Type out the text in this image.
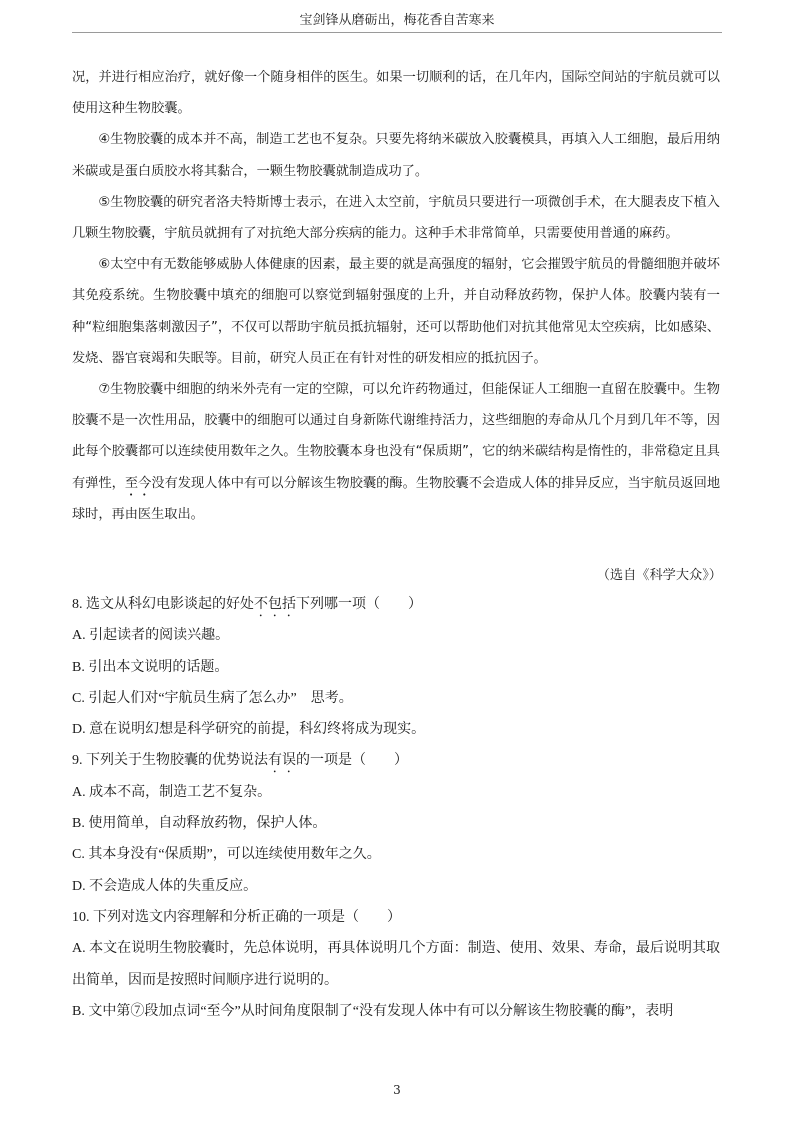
宝剑锋从磨砺出，梅花香自苦寒来

况，并进行相应治疗，就好像一个随身相伴的医生。如果一切顺利的话，在几年内，国际空间站的宇航员就可以使用这种生物胶囊。

④生物胶囊的成本并不高，制造工艺也不复杂。只要先将纳米碳放入胶囊模具，再填入人工细胞，最后用纳米碳或是蛋白质胶水将其黏合，一颗生物胶囊就制造成功了。

⑤生物胶囊的研究者洛夫特斯博士表示，在进入太空前，宇航员只要进行一项微创手术，在大腿表皮下植入几颗生物胶囊，宇航员就拥有了对抗绝大部分疾病的能力。这种手术非常简单，只需要使用普通的麻药。

⑥太空中有无数能够威胁人体健康的因素，最主要的就是高强度的辐射，它会摧毁宇航员的骨髓细胞并破坏其免疫系统。生物胶囊中填充的细胞可以察觉到辐射强度的上升，并自动释放药物，保护人体。胶囊内装有一种“粒细胞集落刺激因子”，不仅可以帮助宇航员抵抗辐射，还可以帮助他们对抗其他常见太空疾病，比如感染、发烧、器官衰竭和失眠等。目前，研究人员正在有针对性的研发相应的抵抗因子。

⑦生物胶囊中细胞的纳米外壳有一定的空隙，可以允许药物通过，但能保证人工细胞一直留在胶囊中。生物胶囊不是一次性用品，胶囊中的细胞可以通过自身新陈代谢维持活力，这些细胞的寿命从几个月到几年不等，因此每个胶囊都可以连续使用数年之久。生物胶囊本身也没有“保质期”，它的纳米碳结构是惰性的，非常稳定且具有弹性，至今没有发现人体中有可以分解该生物胶囊的酶。生物胶囊不会造成人体的排异反应，当宇航员返回地球时，再由医生取出。

（选自《科学大众》）
8. 选文从科幻电影谈起的好处不包括下列哪一项（　　）
A. 引起读者的阅读兴趣。
B. 引出本文说明的话题。
C. 引起人们对“宇航员生病了怎么办”　思考。
D. 意在说明幻想是科学研究的前提，科幻终将成为现实。
9. 下列关于生物胶囊的优势说法有误的一项是（　　）
A. 成本不高，制造工艺不复杂。
B. 使用简单，自动释放药物，保护人体。
C. 其本身没有“保质期”，可以连续使用数年之久。
D. 不会造成人体的失重反应。
10. 下列对选文内容理解和分析正确的一项是（　　）
A. 本文在说明生物胶囊时，先总体说明，再具体说明几个方面：制造、使用、效果、寿命，最后说明其取出简单，因而是按照时间顺序进行说明的。
B. 文中第⑦段加点词“至今”从时间角度限制了“没有发现人体中有可以分解该生物胶囊的酶”，表明
3
